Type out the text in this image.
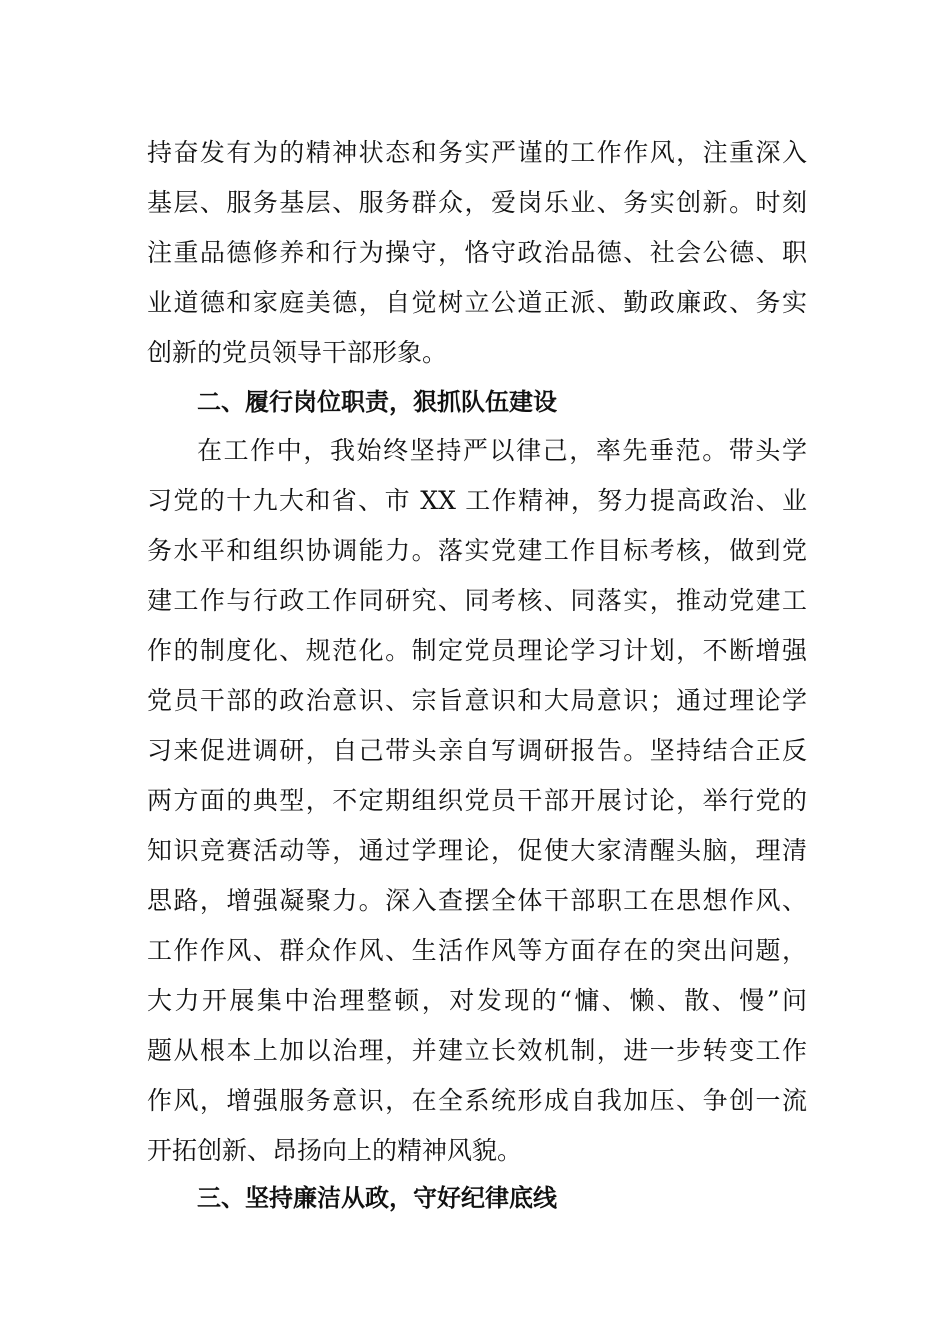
持奋发有为的精神状态和务实严谨的工作作风，注重深入
基层、服务基层、服务群众，爱岗乐业、务实创新。时刻
注重品德修养和行为操守，恪守政治品德、社会公德、职
业道德和家庭美德，自觉树立公道正派、勤政廉政、务实
创新的党员领导干部形象。
二、履行岗位职责，狠抓队伍建设
在工作中，我始终坚持严以律己，率先垂范。带头学
习党的十九大和省、市 XX 工作精神，努力提高政治、业
务水平和组织协调能力。落实党建工作目标考核，做到党
建工作与行政工作同研究、同考核、同落实，推动党建工
作的制度化、规范化。制定党员理论学习计划，不断增强
党员干部的政治意识、宗旨意识和大局意识；通过理论学
习来促进调研，自己带头亲自写调研报告。坚持结合正反
两方面的典型，不定期组织党员干部开展讨论，举行党的
知识竞赛活动等，通过学理论，促使大家清醒头脑，理清
思路，增强凝聚力。深入查摆全体干部职工在思想作风、
工作作风、群众作风、生活作风等方面存在的突出问题，
大力开展集中治理整顿，对发现的“慵、懒、散、慢”问
题从根本上加以治理，并建立长效机制，进一步转变工作
作风，增强服务意识，在全系统形成自我加压、争创一流
开拓创新、昂扬向上的精神风貌。
三、坚持廉洁从政，守好纪律底线
